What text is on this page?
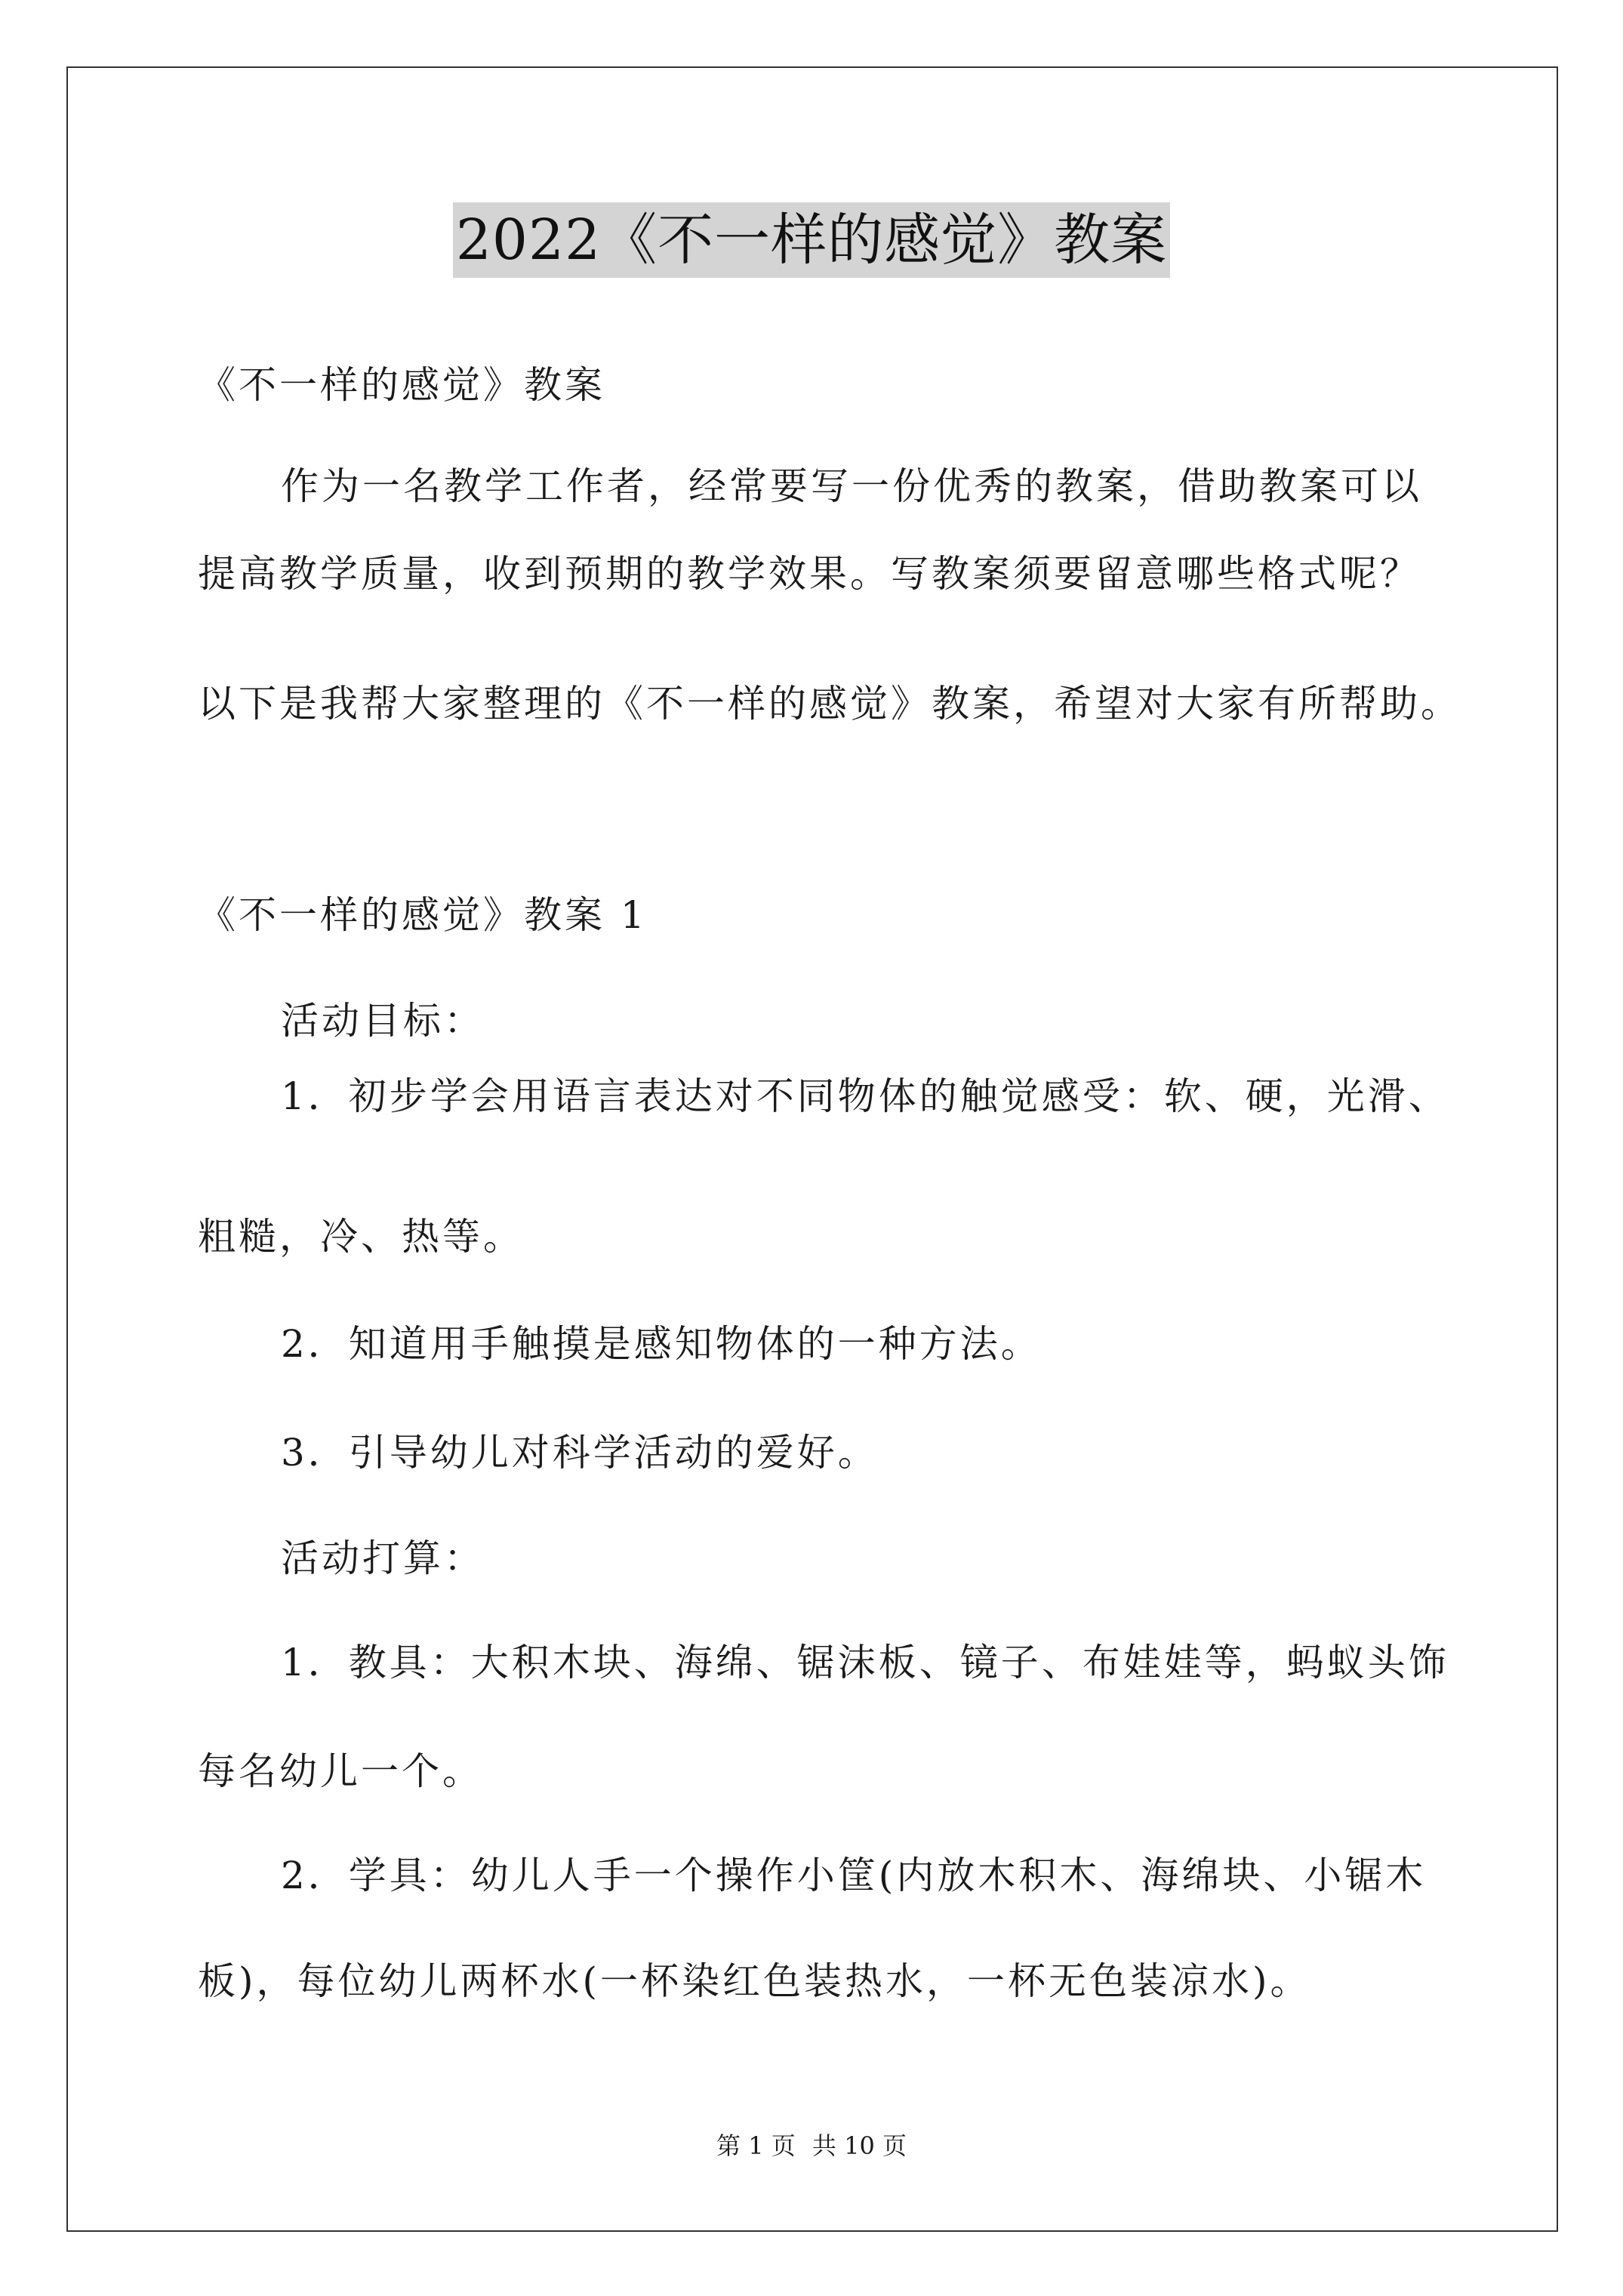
2022《不一样的感觉》教案
《不一样的感觉》教案
作为一名教学工作者，经常要写一份优秀的教案，借助教案可以
提高教学质量，收到预期的教学效果。写教案须要留意哪些格式呢？
以下是我帮大家整理的《不一样的感觉》教案，希望对大家有所帮助。
《不一样的感觉》教案 1
活动目标：
1．初步学会用语言表达对不同物体的触觉感受：软、硬，光滑、
粗糙，冷、热等。
2．知道用手触摸是感知物体的一种方法。
3．引导幼儿对科学活动的爱好。
活动打算：
1．教具：大积木块、海绵、锯沫板、镜子、布娃娃等，蚂蚁头饰
每名幼儿一个。
2．学具：幼儿人手一个操作小筐(内放木积木、海绵块、小锯木
板)，每位幼儿两杯水(一杯染红色装热水，一杯无色装凉水)。
第 1 页 共 10 页
